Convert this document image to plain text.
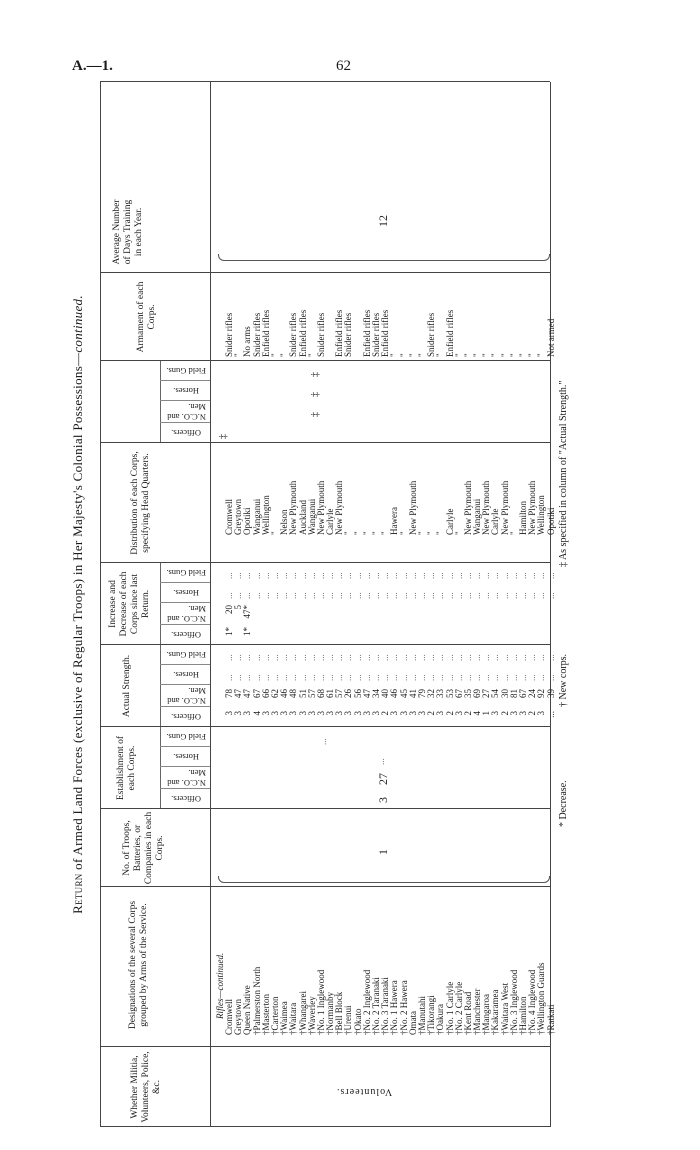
A.—1.	62
Return of Armed Land Forces (exclusive of Regular Troops) in Her Majesty's Colonial Possessions—continued.
Whether Militia, Volunteers, Police, &c.
Designations of the several Corps grouped by Arms of the Service.
No. of Troops, Batteries, or Companies in each Corps.
Establishment of each Corps.
Actual Strength.
Increase and Decrease of each Corps since last Return.
Distribution of each Corps, specifying Head Quarters.
Armament of each Corps.
Average Number of Days Training in each Year.
Officers.
N.C.O. and Men.
Horses.
Field Guns.
Officers.
N.C.O. and Men.
Horses.
Field Guns.
Officers.
N.C.O. and Men.
Horses.
Field Guns.
Officers.
N.C.O. and Men.
Horses.
Field Guns.
Volunteers.
Rifles—continued. Cromwell Greytown Queen Native †Palmerston North †Masterton †Carterton †Waimea †Waitara †Whangarei †Waverley †No. 1 Inglewood †Normanby †Bell Block †Urenui †Okato †No. 2 Inglewood †No. 2 Taranaki †No. 3 Taranaki †No. 1 Hawera †No. 2 Hawera Omata †Manutahi †Tikorangi †Oakura †No. 1 Carlyle †No. 2 Carlyle †Kent Road †Manchester †Mangaroa †Kakaramea †Waitara West †No. 3 Inglewood †Hamilton †No. 4 Inglewood †Wellington Guards †Ratkati
3 3 3 4 3 3 3 3 3 3 3 3 3 3 3 3 3 2 3 3 3 3 2 3 2 3 2 4 1 3 2 3 3 2 3 ...
78 47 47 67 66 62 46 48 51 57 68 61 57 26 56 47 34 40 46 45 41 79 32 33 53 67 35 69 27 54 30 81 67 24 92 39
... ... ... ... ... ... ... ... ... ... ... ... ... ... ... ... ... ... ... ... ... ... ... ... ... ... ... ... ... ... ... ... ... ... ... ...
... ... ... ... ... ... ... ... ... ... ... ... ... ... ... ... ... ... ... ... ... ... ... ... ... ... ... ... ... ... ... ... ... ... ... ...
1*
1*

20 5 47*

... ... ... ... ... ... ... ... ... ... ... ... ... ... ... ... ... ... ... ... ... ... ... ... ... ... ... ... ... ... ... ... ... ... ... ...
... ... ... ... ... ... ... ... ... ... ... ... ... ... ... ... ... ... ... ... ... ... ... ... ... ... ... ... ... ... ... ... ... ... ... ...
Cromwell Greytown Opotiki Wanganui Wellington " Nelson New Plymouth Auckland Wanganui New Plymouth Carlyle New Plymouth " " " " " Hawera " New Plymouth " " " Carlyle " New Plymouth Wanganui New Plymouth Carlyle New Plymouth " Hamilton New Plymouth Wellington Opotiki
Snider rifles " No arms Snider rifles Enfield rifles " " Snider rifles Enfield rifles " Snider rifles
Enfield rifles Snider rifles
Enfield rifles Snider rifles Enfield rifles " " " " Snider rifles " Enfield rifles " " " " " " " " " " Not armed
1
3
27
...
...
‡
‡
‡
‡
12
* Decrease.
† New corps.
‡ As specified in column of "Actual Strength."
